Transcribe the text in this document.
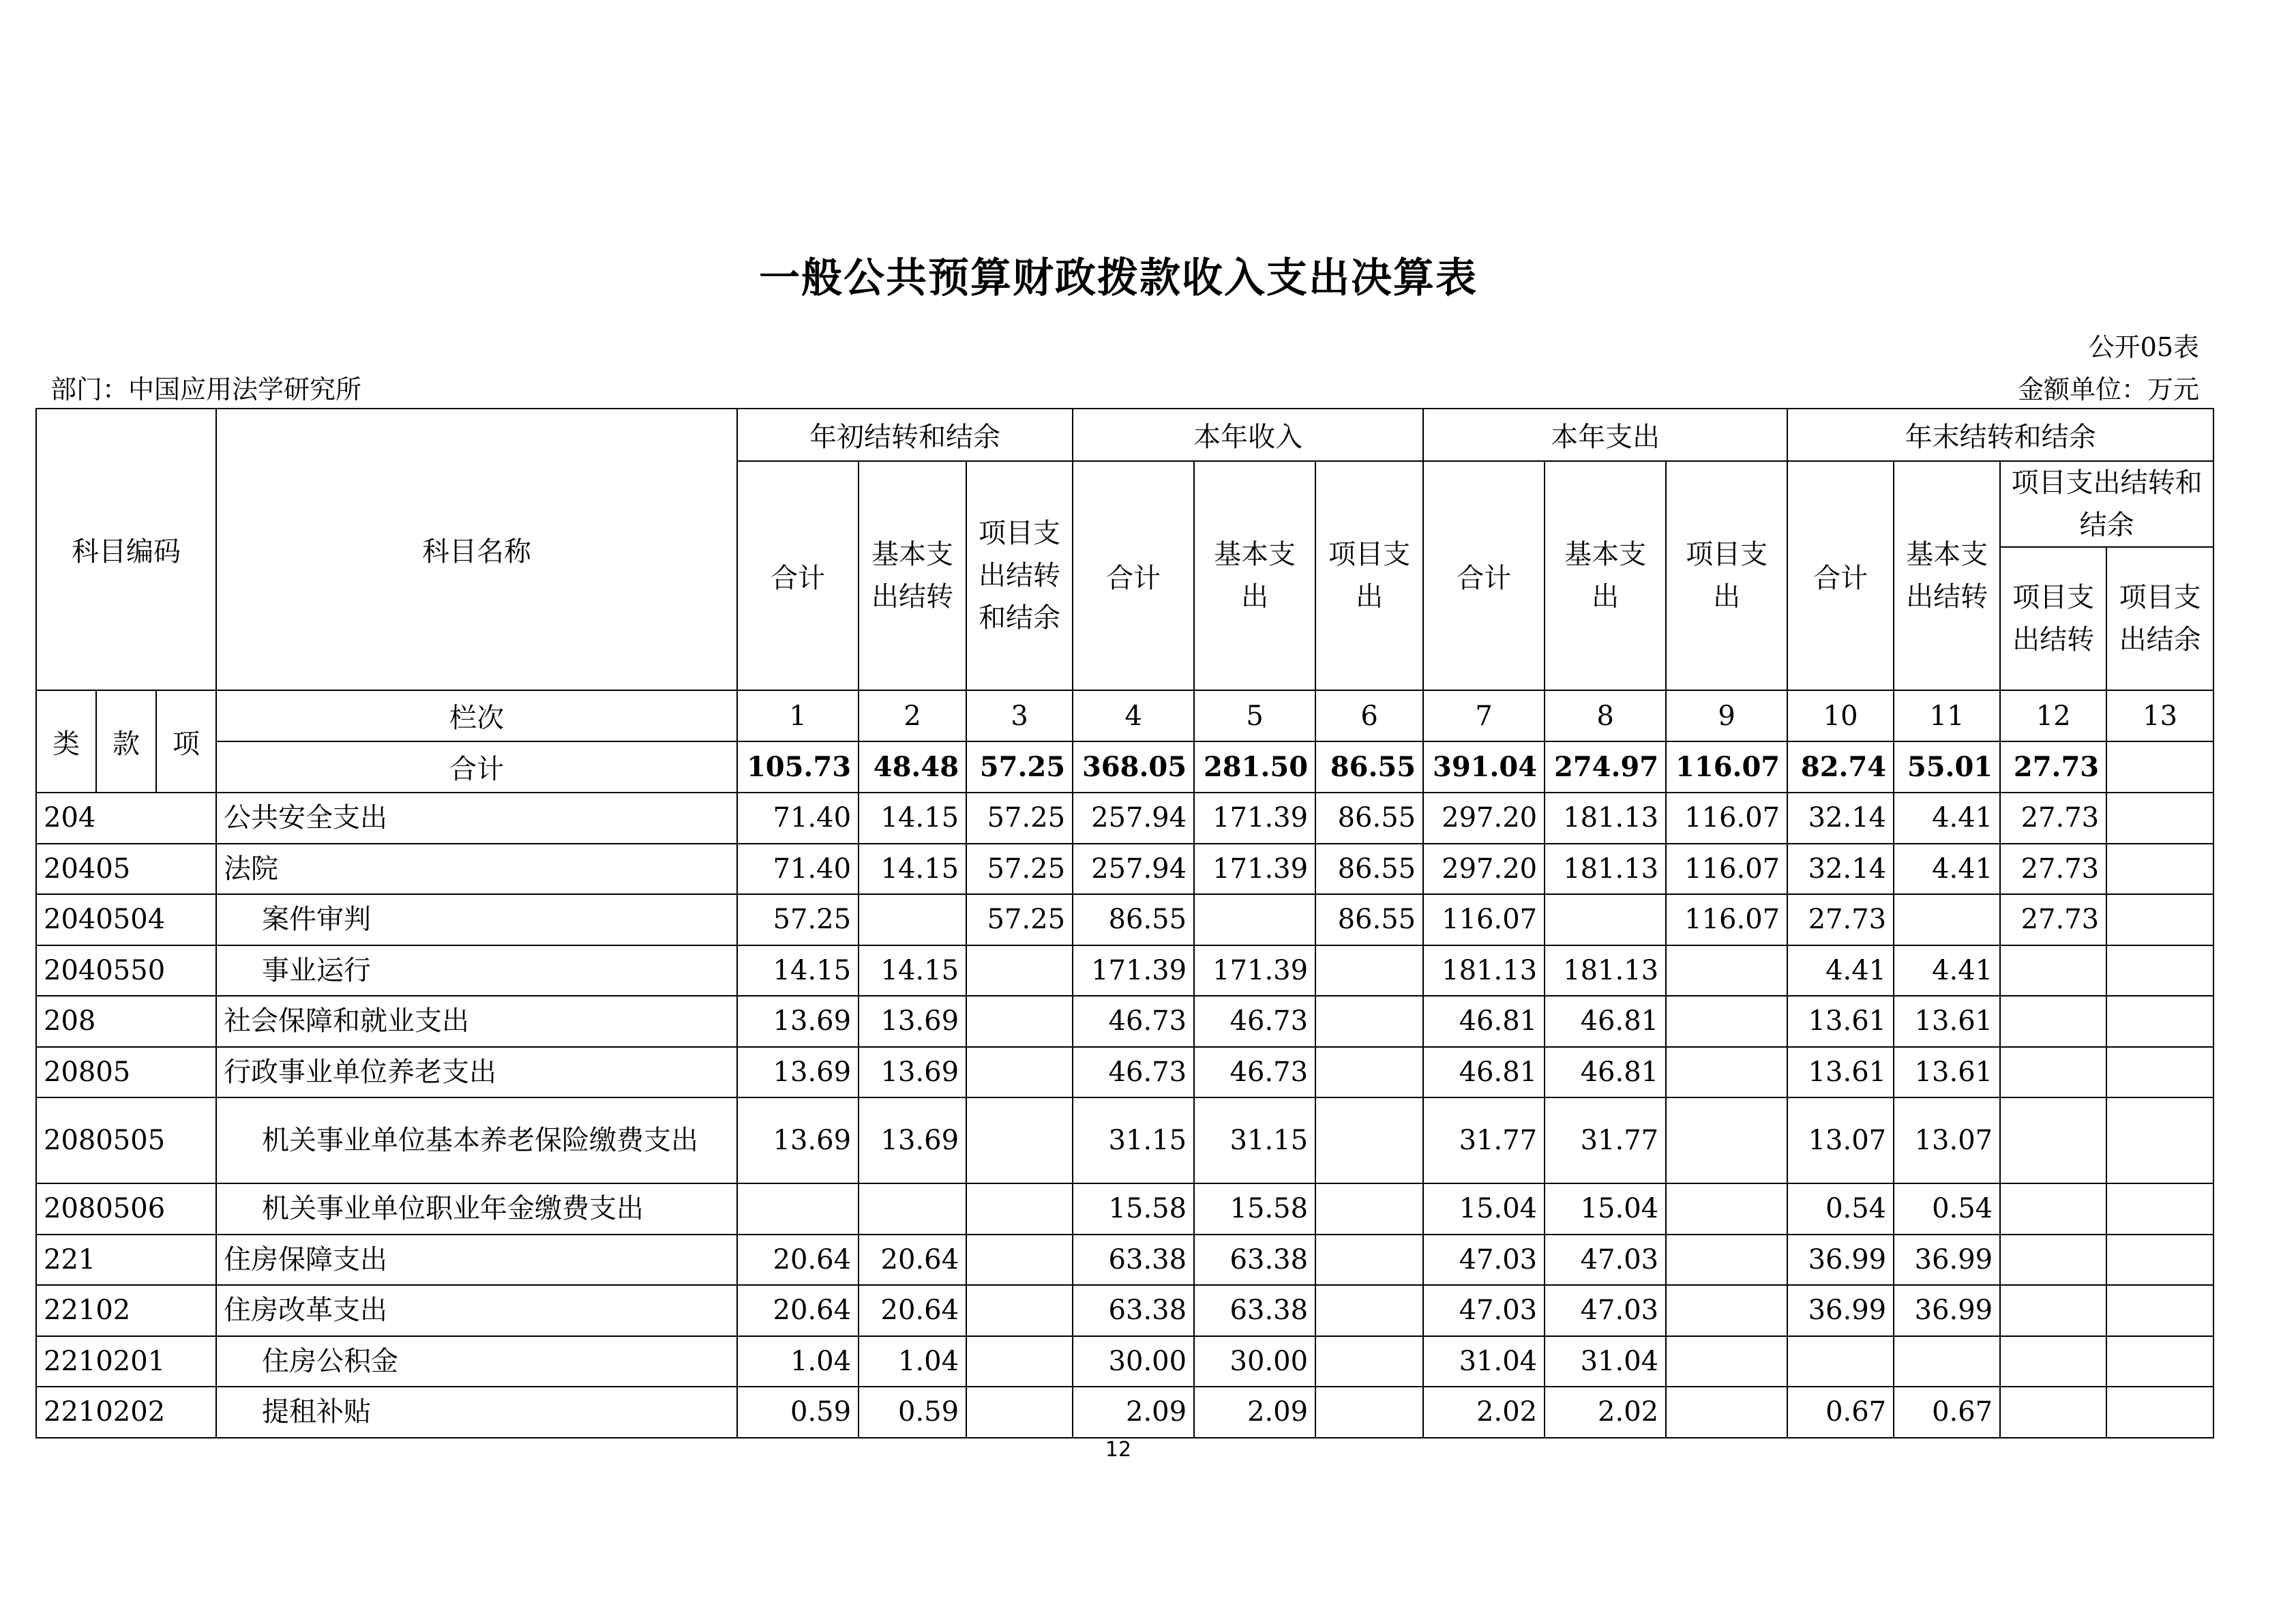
一般公共预算财政拨款收入支出决算表
公开05表
部门：中国应用法学研究所	金额单位：万元
科目编码			科目名称	年初结转和结余			本年收入			本年支出			年末结转和结余			
				合计	基本支出结转	项目支出结转和结余	合计	基本支出	项目支出	合计	基本支出	项目支出	合计	基本支出结转	项目支出结转和结余	
															项目支出结转	项目支出结余
类	款	项	栏次	1	2	3	4	5	6	7	8	9	10	11	12	13
			合计	105.73	48.48	57.25	368.05	281.50	86.55	391.04	274.97	116.07	82.74	55.01	27.73	
204			公共安全支出	71.40	14.15	57.25	257.94	171.39	86.55	297.20	181.13	116.07	32.14	4.41	27.73	
20405			法院	71.40	14.15	57.25	257.94	171.39	86.55	297.20	181.13	116.07	32.14	4.41	27.73	
2040504			案件审判	57.25		57.25	86.55		86.55	116.07		116.07	27.73		27.73	
2040550			事业运行	14.15	14.15		171.39	171.39		181.13	181.13		4.41	4.41		
208			社会保障和就业支出	13.69	13.69		46.73	46.73		46.81	46.81		13.61	13.61		
20805			行政事业单位养老支出	13.69	13.69		46.73	46.73		46.81	46.81		13.61	13.61		
2080505			机关事业单位基本养老保险缴费支出	13.69	13.69		31.15	31.15		31.77	31.77		13.07	13.07		
2080506			机关事业单位职业年金缴费支出				15.58	15.58		15.04	15.04		0.54	0.54		
221			住房保障支出	20.64	20.64		63.38	63.38		47.03	47.03		36.99	36.99		
22102			住房改革支出	20.64	20.64		63.38	63.38		47.03	47.03		36.99	36.99		
2210201			住房公积金	1.04	1.04		30.00	30.00		31.04	31.04					
2210202			提租补贴	0.59	0.59		2.09	2.09		2.02	2.02		0.67	0.67		
12
